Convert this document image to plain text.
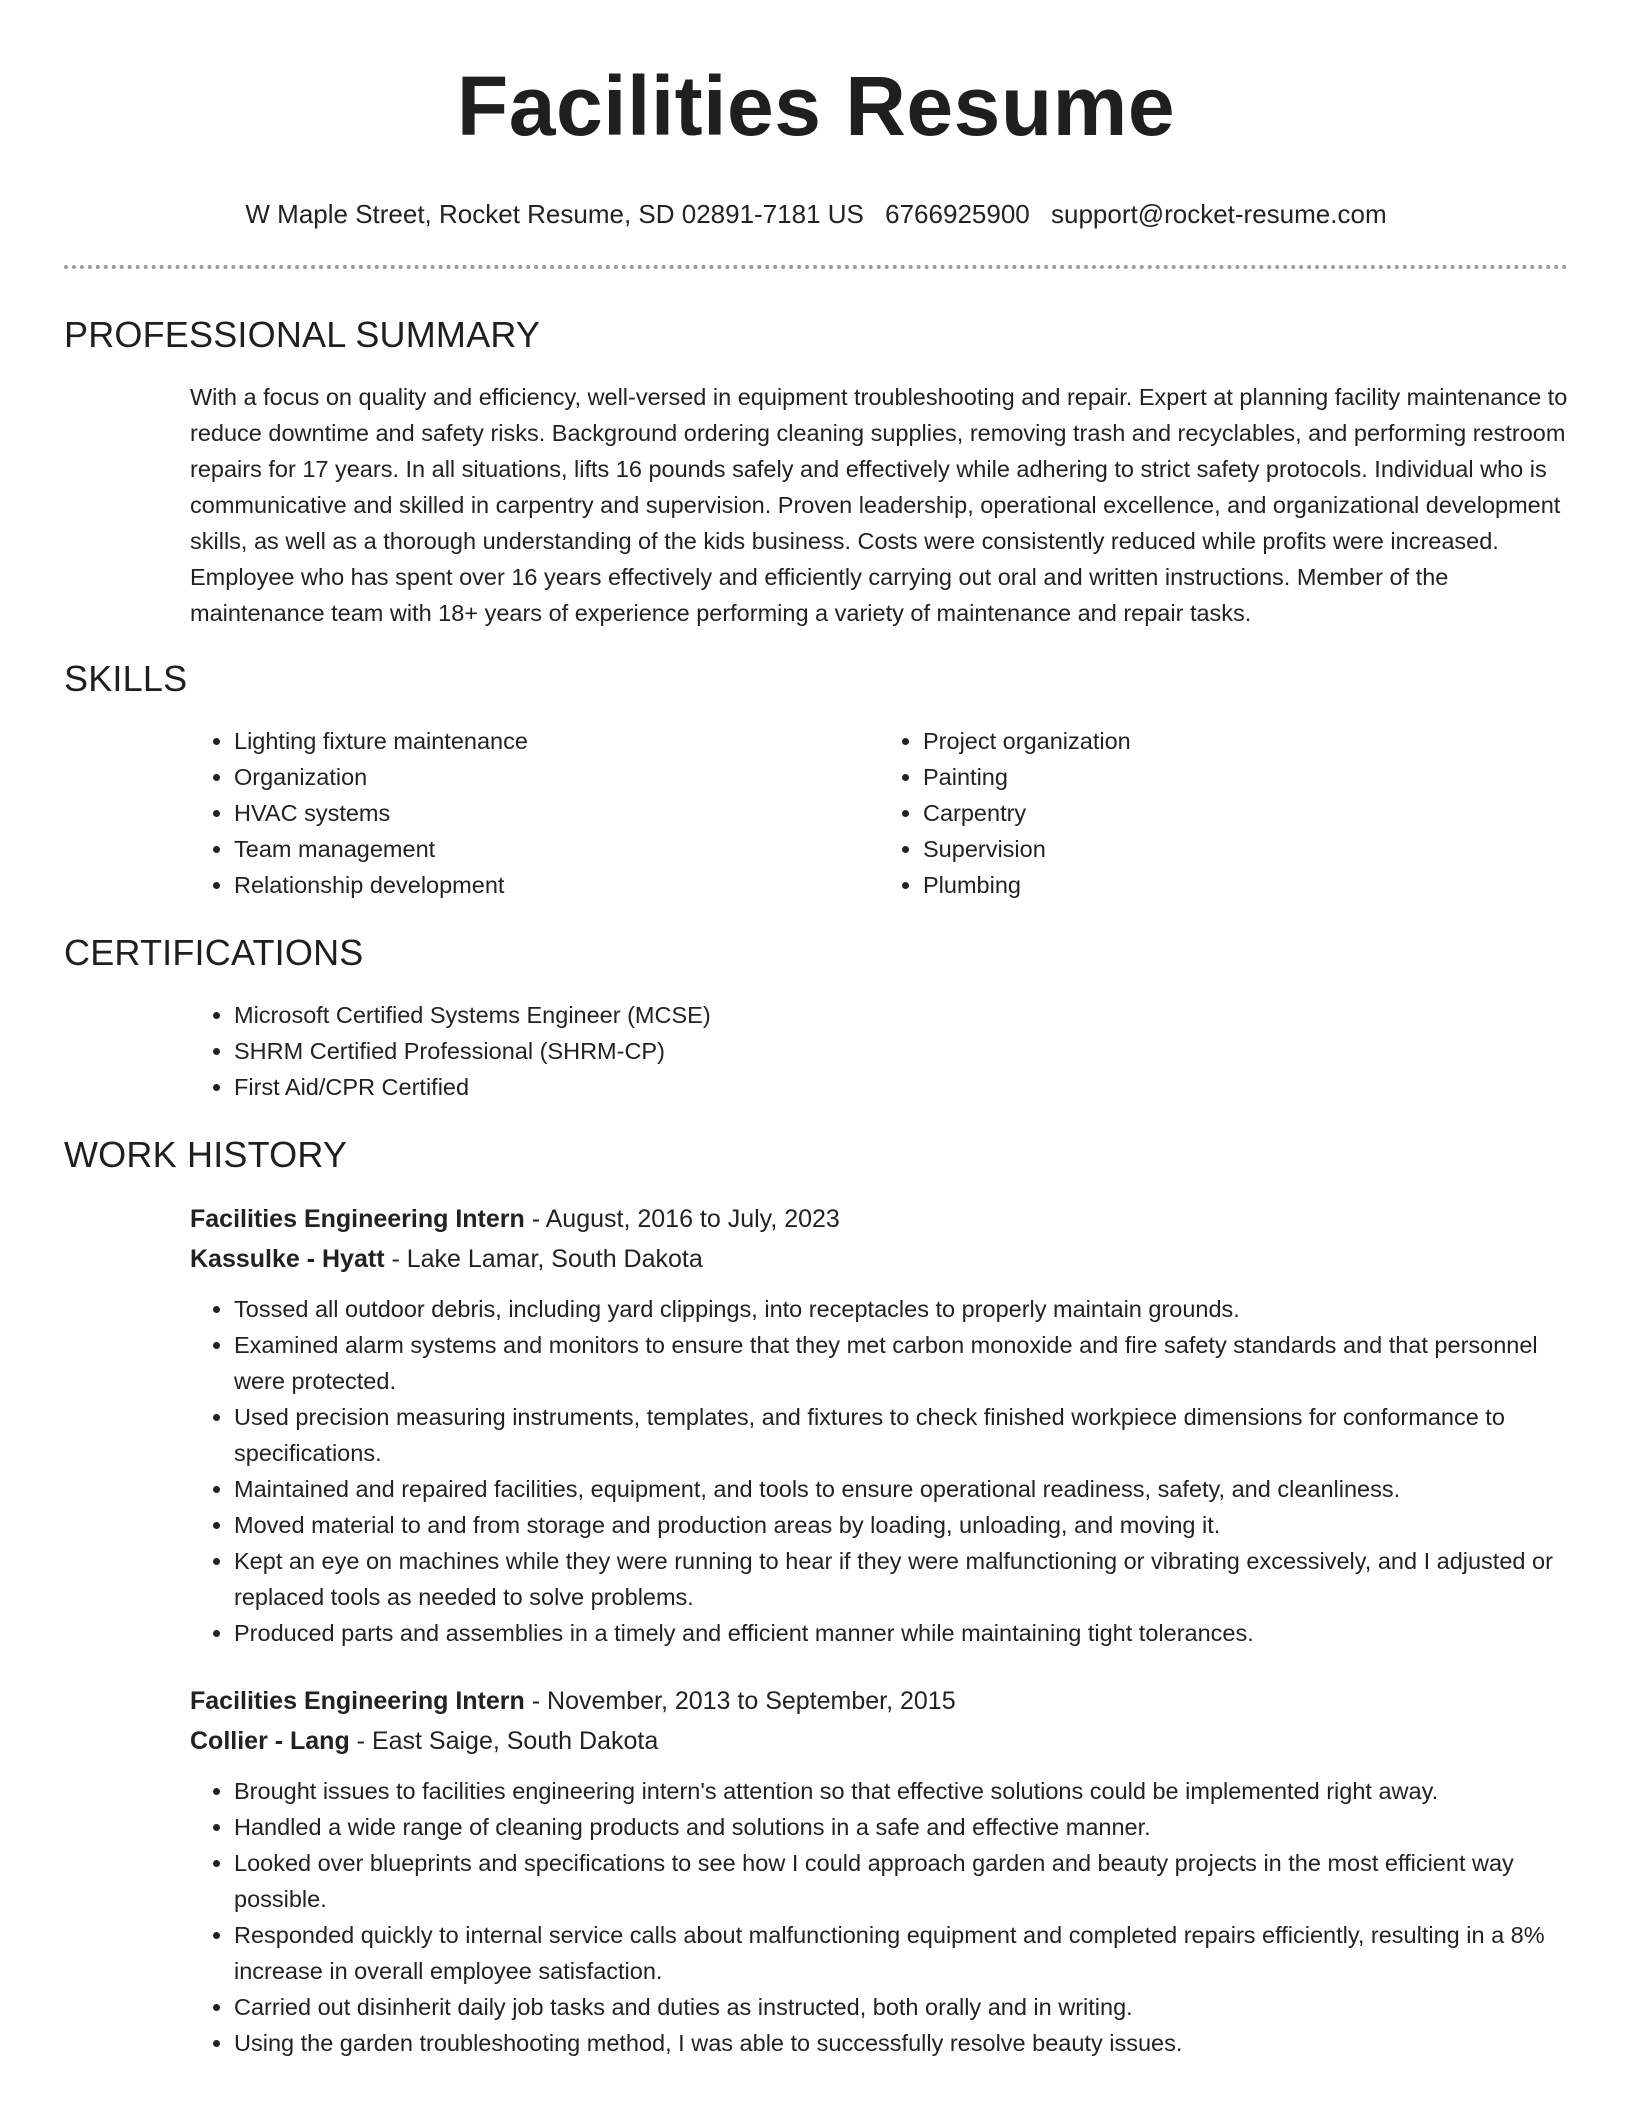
Facilities Resume
W Maple Street, Rocket Resume, SD 02891-7181 US 6766925900 support@rocket-resume.com
PROFESSIONAL SUMMARY
With a focus on quality and efficiency, well-versed in equipment troubleshooting and repair. Expert at planning facility maintenance to reduce downtime and safety risks. Background ordering cleaning supplies, removing trash and recyclables, and performing restroom repairs for 17 years. In all situations, lifts 16 pounds safely and effectively while adhering to strict safety protocols. Individual who is communicative and skilled in carpentry and supervision. Proven leadership, operational excellence, and organizational development skills, as well as a thorough understanding of the kids business. Costs were consistently reduced while profits were increased. Employee who has spent over 16 years effectively and efficiently carrying out oral and written instructions. Member of the maintenance team with 18+ years of experience performing a variety of maintenance and repair tasks.
SKILLS
• Lighting fixture maintenance
• Organization
• HVAC systems
• Team management
• Relationship development
• Project organization
• Painting
• Carpentry
• Supervision
• Plumbing
CERTIFICATIONS
• Microsoft Certified Systems Engineer (MCSE)
• SHRM Certified Professional (SHRM-CP)
• First Aid/CPR Certified
WORK HISTORY
Facilities Engineering Intern - August, 2016 to July, 2023
Kassulke - Hyatt - Lake Lamar, South Dakota
• Tossed all outdoor debris, including yard clippings, into receptacles to properly maintain grounds.
• Examined alarm systems and monitors to ensure that they met carbon monoxide and fire safety standards and that personnel were protected.
• Used precision measuring instruments, templates, and fixtures to check finished workpiece dimensions for conformance to specifications.
• Maintained and repaired facilities, equipment, and tools to ensure operational readiness, safety, and cleanliness.
• Moved material to and from storage and production areas by loading, unloading, and moving it.
• Kept an eye on machines while they were running to hear if they were malfunctioning or vibrating excessively, and I adjusted or replaced tools as needed to solve problems.
• Produced parts and assemblies in a timely and efficient manner while maintaining tight tolerances.
Facilities Engineering Intern - November, 2013 to September, 2015
Collier - Lang - East Saige, South Dakota
• Brought issues to facilities engineering intern's attention so that effective solutions could be implemented right away.
• Handled a wide range of cleaning products and solutions in a safe and effective manner.
• Looked over blueprints and specifications to see how I could approach garden and beauty projects in the most efficient way possible.
• Responded quickly to internal service calls about malfunctioning equipment and completed repairs efficiently, resulting in a 8% increase in overall employee satisfaction.
• Carried out disinherit daily job tasks and duties as instructed, both orally and in writing.
• Using the garden troubleshooting method, I was able to successfully resolve beauty issues.
